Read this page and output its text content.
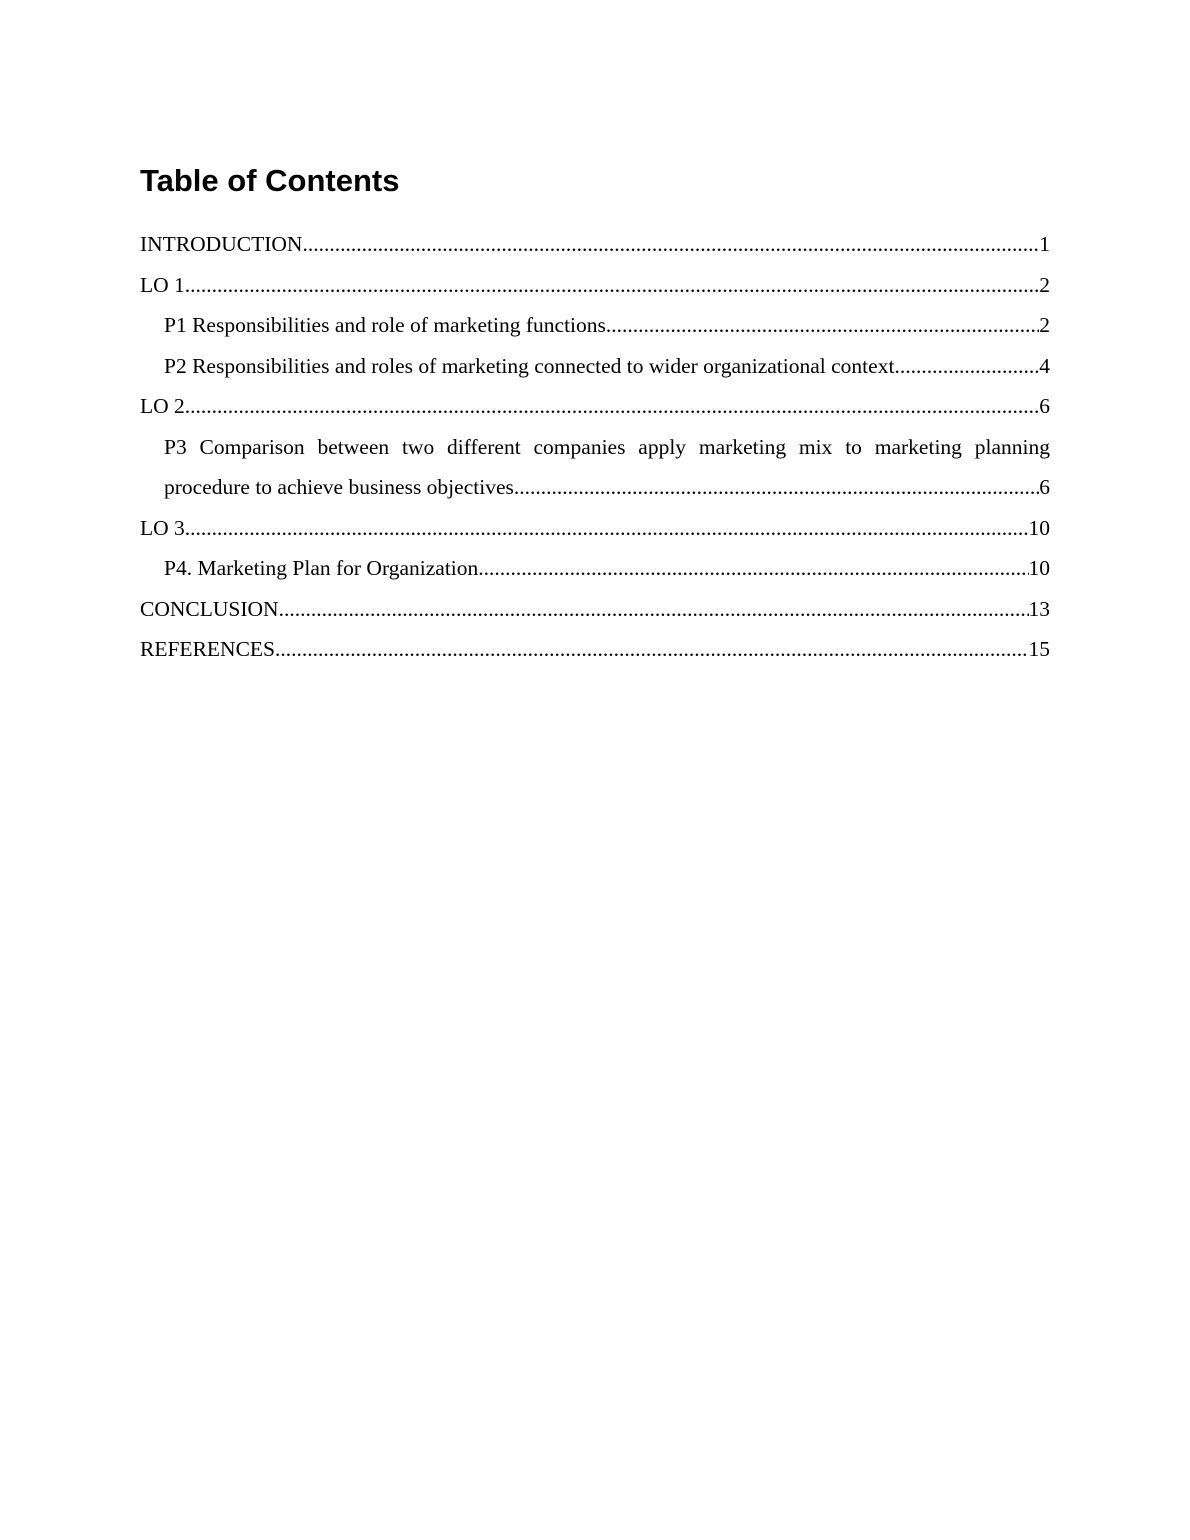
Table of Contents
INTRODUCTION .....	1
LO 1 .....	2
P1 Responsibilities and role of marketing functions .....	2
P2 Responsibilities and roles of marketing connected to wider organizational context .....	4
LO 2 .....	6
P3 Comparison between two different companies apply marketing mix to marketing planning
procedure to achieve business objectives .....	6
LO 3 .....	10
P4. Marketing Plan for Organization .....	10
CONCLUSION .....	13
REFERENCES .....	15
